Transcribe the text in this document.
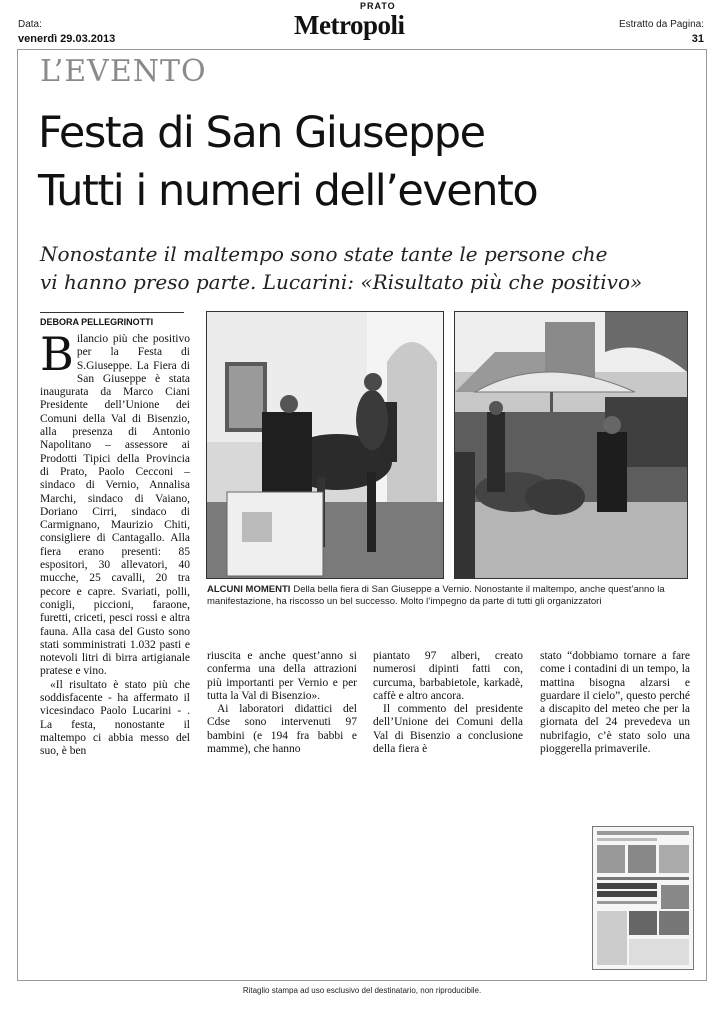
Data:
venerdì 29.03.2013
PRATO
Metropoli	Estratto da Pagina:
31
L’EVENTO
Festa di San Giuseppe
Tutti i numeri dell’evento
Nonostante il maltempo sono state tante le persone che
vi hanno preso parte. Lucarini: «Risultato più che positivo»
DEBORA PELLEGRINOTTI

Bilancio più che positivo per la Festa di S.Giuseppe. La Fiera di San Giuseppe è stata inaugurata da Marco Ciani Presidente dell’Unione dei Comuni della Val di Bisenzio, alla presenza di Antonio Napolitano – assessore ai Prodotti Tipici della Provincia di Prato, Paolo Cecconi – sindaco di Vernio, Annalisa Marchi, sindaco di Vaiano, Doriano Cirri, sindaco di Carmignano, Maurizio Chiti, consigliere di Cantagallo. Alla fiera erano presenti: 85 espositori, 30 allevatori, 40 mucche, 25 cavalli, 20 tra pecore e capre. Svariati, polli, conigli, piccioni, faraone, furetti, criceti, pesci rossi e altra fauna. Alla casa del Gusto sono stati somministrati 1.032 pasti e notevoli litri di birra artigianale pratese e vino.

«Il risultato è stato più che soddisfacente - ha affermato il vicesindaco Paolo Lucarini - . La festa, nonostante il maltempo ci abbia messo del suo, è ben

ALCUNI MOMENTI Della bella fiera di San Giuseppe a Vernio. Nonostante il maltempo, anche quest’anno la manifestazione, ha riscosso un bel successo. Molto l’impegno da parte di tutti gli organizzatori

riuscita e anche quest’anno si conferma una della attrazioni più importanti per Vernio e per tutta la Val di Bisenzio».

Ai laboratori didattici del Cdse sono intervenuti 97 bambini (e 194 fra babbi e mamme), che hanno

piantato 97 alberi, creato numerosi dipinti fatti con, curcuma, barbabietole, karkadè, caffè e altro ancora.

Il commento del presidente dell’Unione dei Comuni della Val di Bisenzio a conclusione della fiera è

stato “dobbiamo tornare a fare come i contadini di un tempo, la mattina bisogna alzarsi e guardare il cielo”, questo perché a discapito del meteo che per la giornata del 24 prevedeva un nubrifagio, c’è stato solo una pioggerella primaverile.

Ritaglio stampa ad uso esclusivo del destinatario, non riproducibile.
